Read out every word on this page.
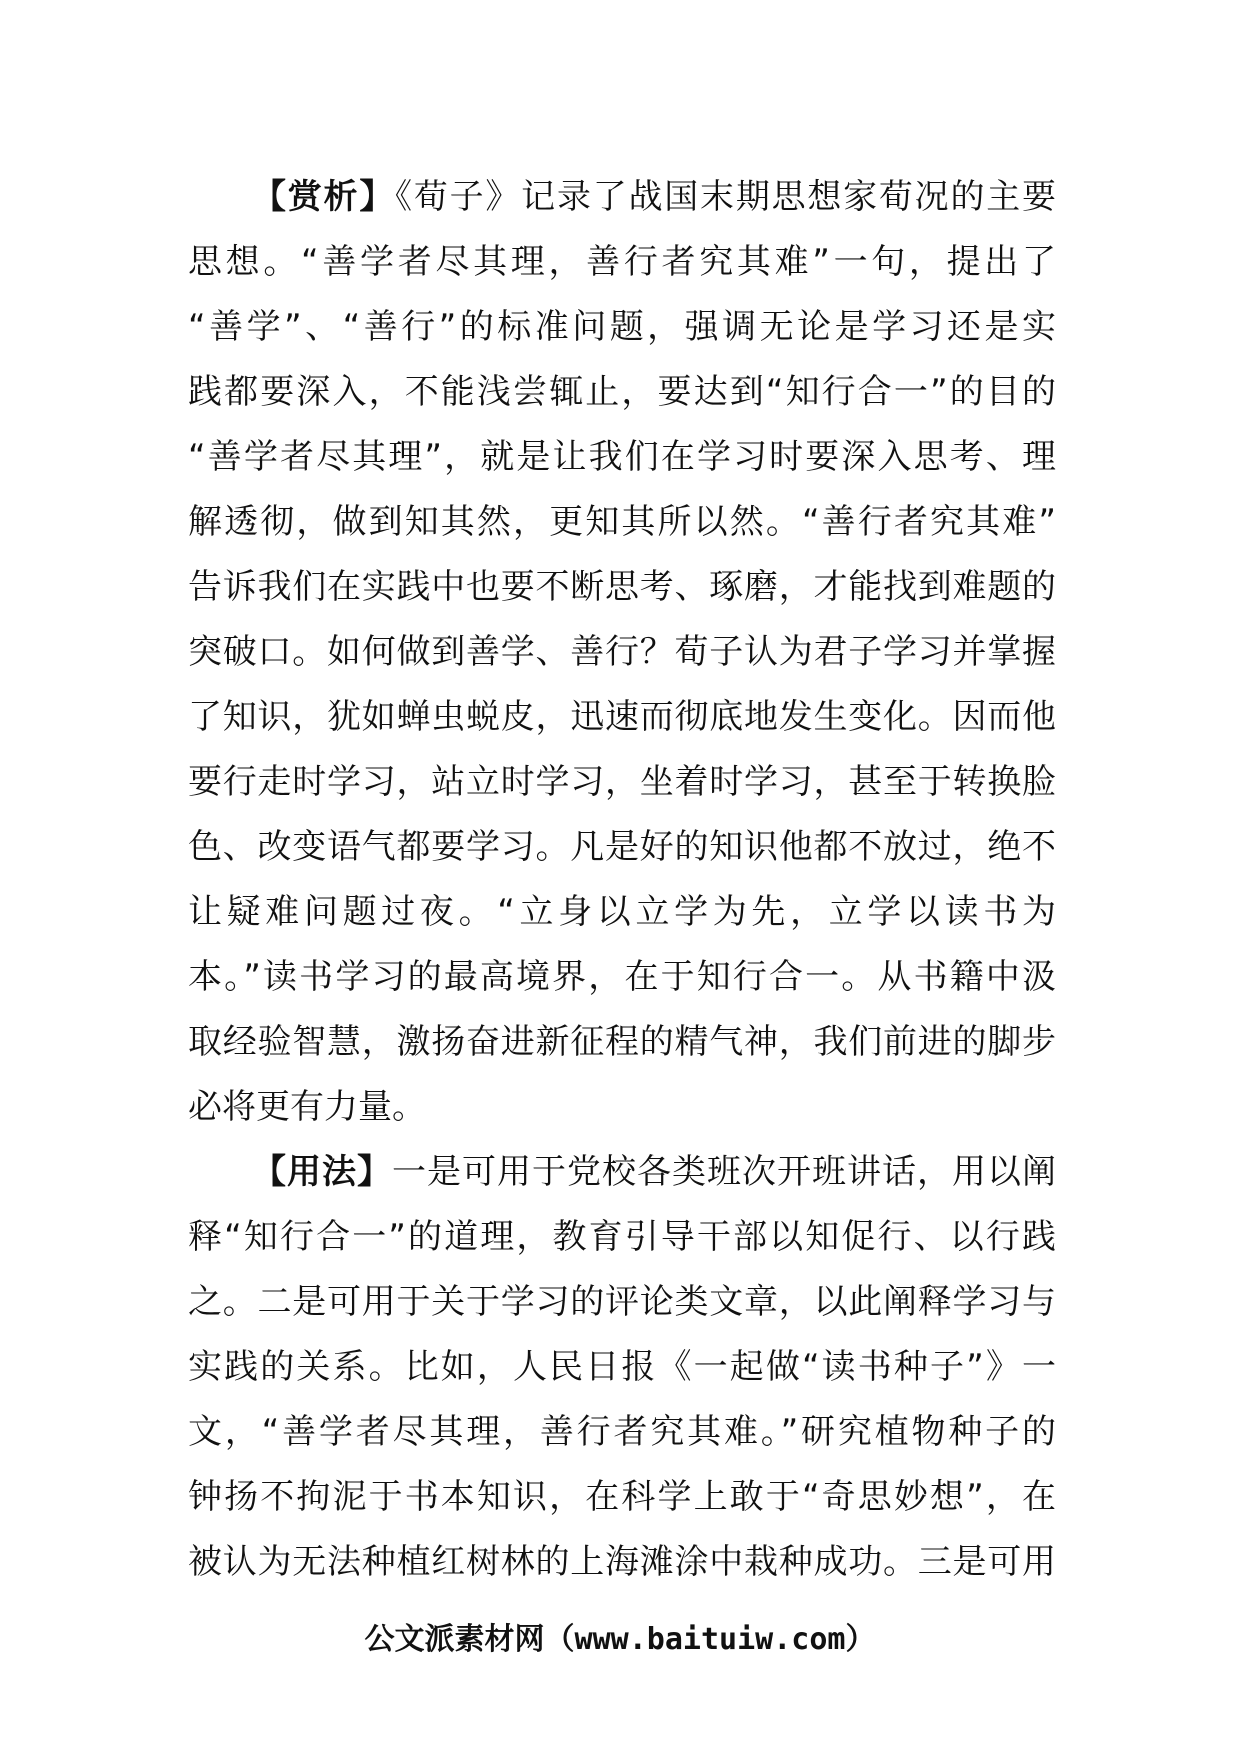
【赏析】《荀子》记录了战国末期思想家荀况的主要
思想。“善学者尽其理，善行者究其难”一句，提出了
“善学”、“善行”的标准问题，强调无论是学习还是实
践都要深入，不能浅尝辄止，要达到“知行合一”的目的
“善学者尽其理”，就是让我们在学习时要深入思考、理
解透彻，做到知其然，更知其所以然。“善行者究其难”
告诉我们在实践中也要不断思考、琢磨，才能找到难题的
突破口。如何做到善学、善行？荀子认为君子学习并掌握
了知识，犹如蝉虫蜕皮，迅速而彻底地发生变化。因而他
要行走时学习，站立时学习，坐着时学习，甚至于转换脸
色、改变语气都要学习。凡是好的知识他都不放过，绝不
让疑难问题过夜。“立身以立学为先，立学以读书为
本。”读书学习的最高境界，在于知行合一。从书籍中汲
取经验智慧，激扬奋进新征程的精气神，我们前进的脚步
必将更有力量。
【用法】一是可用于党校各类班次开班讲话，用以阐
释“知行合一”的道理，教育引导干部以知促行、以行践
之。二是可用于关于学习的评论类文章，以此阐释学习与
实践的关系。比如，人民日报《一起做“读书种子”》一
文，“善学者尽其理，善行者究其难。”研究植物种子的
钟扬不拘泥于书本知识，在科学上敢于“奇思妙想”，在
被认为无法种植红树林的上海滩涂中栽种成功。三是可用
公文派素材网（www.baituiw.com）
